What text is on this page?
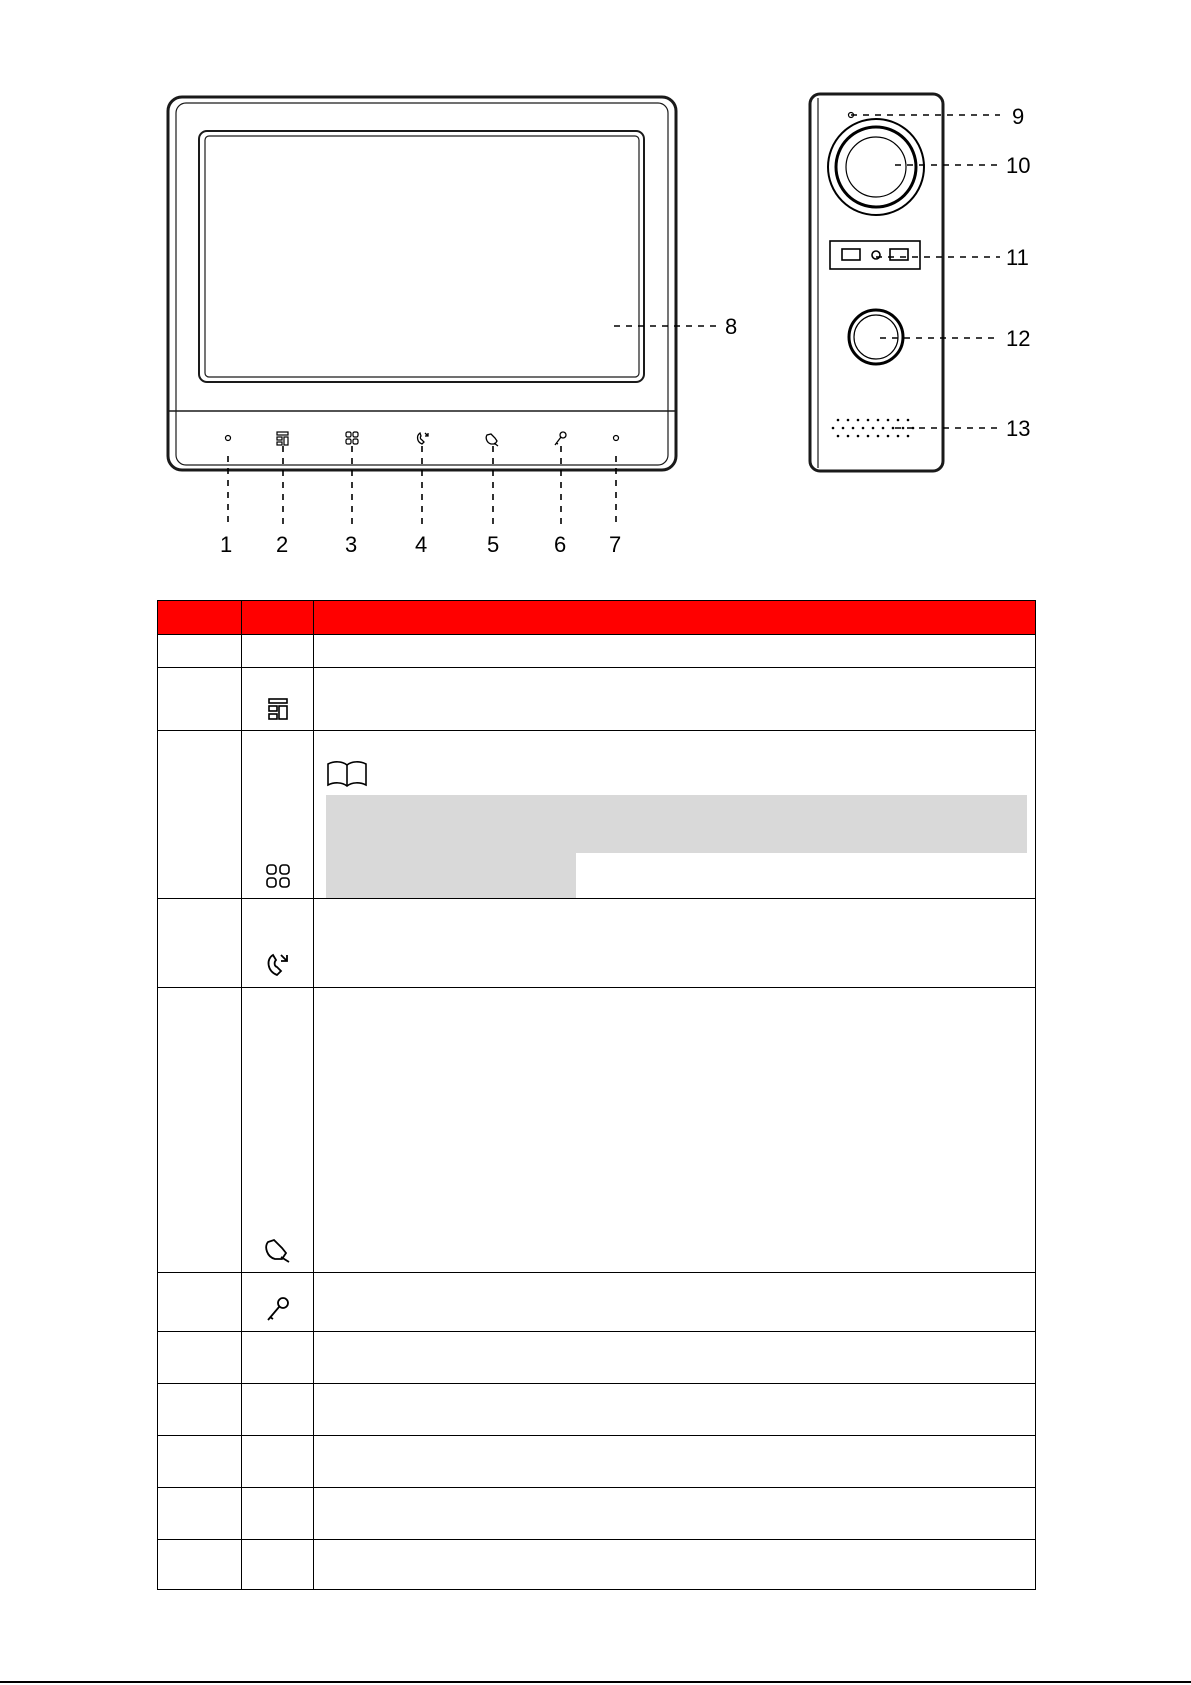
1 2	3	4	5 6 7
8
9
10
11
12
13
